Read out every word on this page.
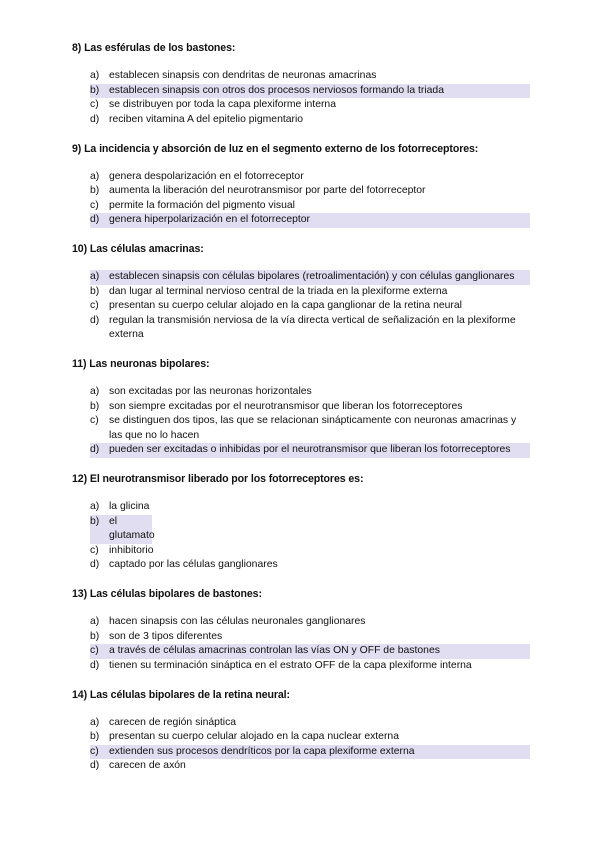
8) Las esférulas de los bastones:
a) establecen sinapsis con dendritas de neuronas amacrinas
b) establecen sinapsis con otros dos procesos nerviosos formando la triada
c) se distribuyen por toda la capa plexiforme interna
d) reciben vitamina A del epitelio pigmentario
9) La incidencia y absorción de luz en el segmento externo de los fotorreceptores:
a) genera despolarización en el fotorreceptor
b) aumenta la liberación del neurotransmisor por parte del fotorreceptor
c) permite la formación del pigmento visual
d) genera hiperpolarización en el fotorreceptor
10) Las células amacrinas:
a) establecen sinapsis con células bipolares (retroalimentación) y con células ganglionares
b) dan lugar al terminal nervioso central de la triada en la plexiforme externa
c) presentan su cuerpo celular alojado en la capa ganglionar de la retina neural
d) regulan la transmisión nerviosa de la vía directa vertical de señalización en la plexiforme externa
11) Las neuronas bipolares:
a) son excitadas por las neuronas horizontales
b) son siempre excitadas por el neurotransmisor que liberan los fotorreceptores
c) se distinguen dos tipos, las que se relacionan sinápticamente con neuronas amacrinas y las que no lo hacen
d) pueden ser excitadas o inhibidas por el neurotransmisor que liberan los fotorreceptores
12) El neurotransmisor liberado por los fotorreceptores es:
a) la glicina
b) el glutamato
c) inhibitorio
d) captado por las células ganglionares
13) Las células bipolares de bastones:
a) hacen sinapsis con las células neuronales ganglionares
b) son de 3 tipos diferentes
c) a través de células amacrinas controlan las vías ON y OFF de bastones
d) tienen su terminación sináptica en el estrato OFF de la capa plexiforme interna
14) Las células bipolares de la retina neural:
a) carecen de región sináptica
b) presentan su cuerpo celular alojado en la capa nuclear externa
c) extienden sus procesos dendríticos por la capa plexiforme externa
d) carecen de axón
